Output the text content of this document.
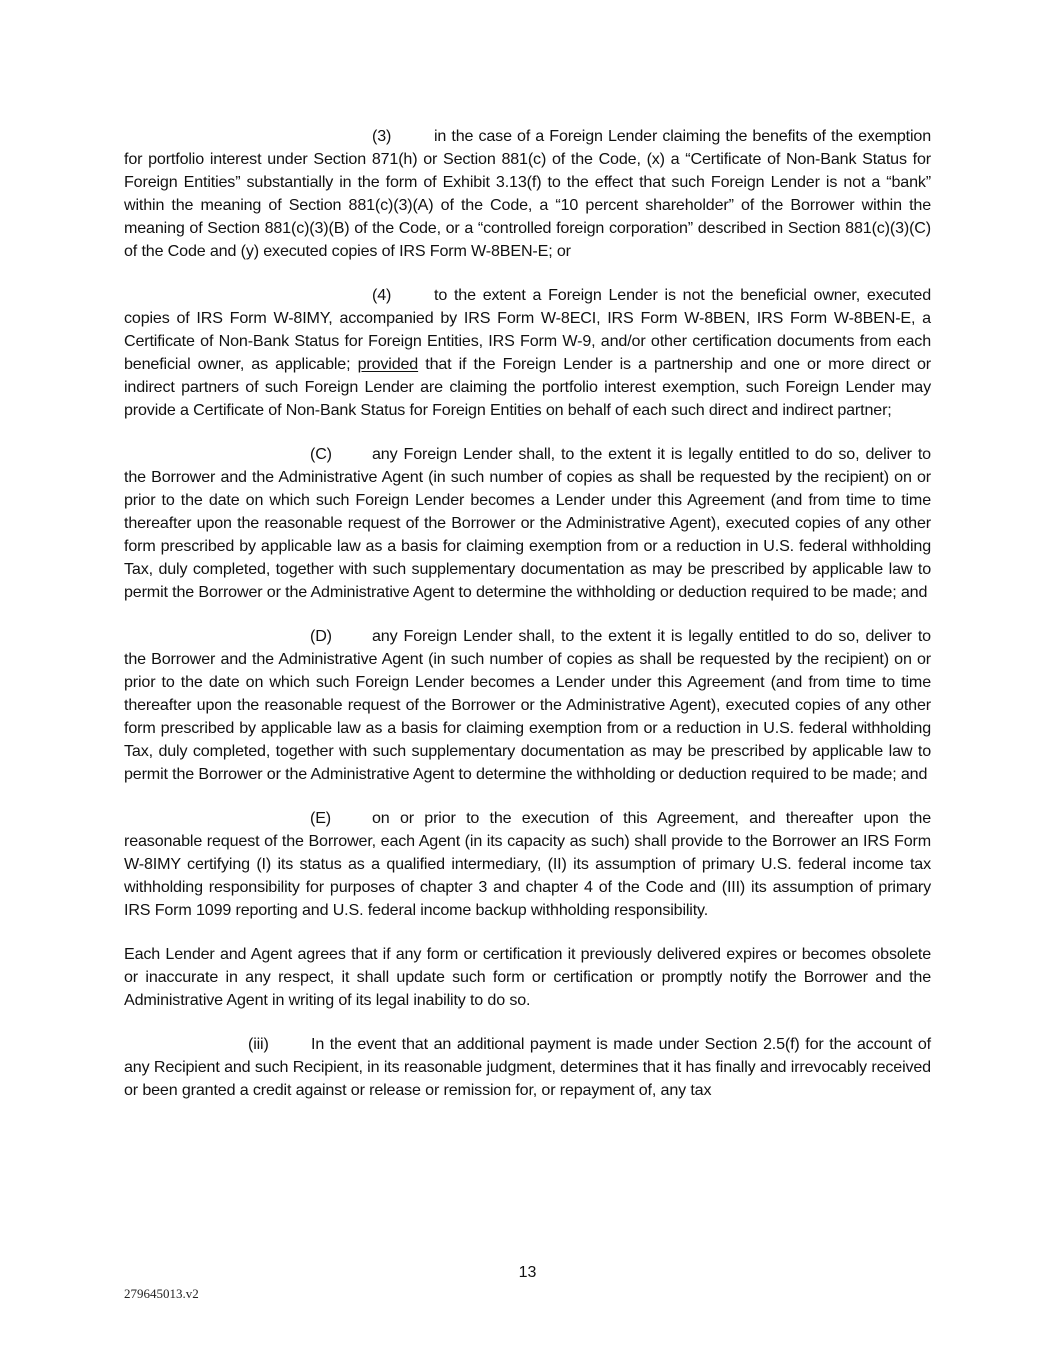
(3)	in the case of a Foreign Lender claiming the benefits of the exemption for portfolio interest under Section 871(h) or Section 881(c) of the Code, (x) a “Certificate of Non-Bank Status for Foreign Entities” substantially in the form of Exhibit 3.13(f) to the effect that such Foreign Lender is not a “bank” within the meaning of Section 881(c)(3)(A) of the Code, a “10 percent shareholder” of the Borrower within the meaning of Section 881(c)(3)(B) of the Code, or a “controlled foreign corporation” described in Section 881(c)(3)(C) of the Code and (y) executed copies of IRS Form W-8BEN-E; or

(4)	to the extent a Foreign Lender is not the beneficial owner, executed copies of IRS Form W-8IMY, accompanied by IRS Form W-8ECI, IRS Form W-8BEN, IRS Form W-8BEN-E, a Certificate of Non-Bank Status for Foreign Entities, IRS Form W-9, and/or other certification documents from each beneficial owner, as applicable; provided that if the Foreign Lender is a partnership and one or more direct or indirect partners of such Foreign Lender are claiming the portfolio interest exemption, such Foreign Lender may provide a Certificate of Non-Bank Status for Foreign Entities on behalf of each such direct and indirect partner;

(C) any Foreign Lender shall, to the extent it is legally entitled to do so, deliver to the Borrower and the Administrative Agent (in such number of copies as shall be requested by the recipient) on or prior to the date on which such Foreign Lender becomes a Lender under this Agreement (and from time to time thereafter upon the reasonable request of the Borrower or the Administrative Agent), executed copies of any other form prescribed by applicable law as a basis for claiming exemption from or a reduction in U.S. federal withholding Tax, duly completed, together with such supplementary documentation as may be prescribed by applicable law to permit the Borrower or the Administrative Agent to determine the withholding or deduction required to be made; and

(D) any Foreign Lender shall, to the extent it is legally entitled to do so, deliver to the Borrower and the Administrative Agent (in such number of copies as shall be requested by the recipient) on or prior to the date on which such Foreign Lender becomes a Lender under this Agreement (and from time to time thereafter upon the reasonable request of the Borrower or the Administrative Agent), executed copies of any other form prescribed by applicable law as a basis for claiming exemption from or a reduction in U.S. federal withholding Tax, duly completed, together with such supplementary documentation as may be prescribed by applicable law to permit the Borrower or the Administrative Agent to determine the withholding or deduction required to be made; and

(E)	on or prior to the execution of this Agreement, and thereafter upon the reasonable request of the Borrower, each Agent (in its capacity as such) shall provide to the Borrower an IRS Form W-8IMY certifying (I) its status as a qualified intermediary, (II) its assumption of primary U.S. federal income tax withholding responsibility for purposes of chapter 3 and chapter 4 of the Code and (III) its assumption of primary IRS Form 1099 reporting and U.S. federal income backup withholding responsibility.

Each Lender and Agent agrees that if any form or certification it previously delivered expires or becomes obsolete or inaccurate in any respect, it shall update such form or certification or promptly notify the Borrower and the Administrative Agent in writing of its legal inability to do so.

(iii)	In the event that an additional payment is made under Section 2.5(f) for the account of any Recipient and such Recipient, in its reasonable judgment, determines that it has finally and irrevocably received or been granted a credit against or release or remission for, or repayment of, any tax

13
279645013.v2
